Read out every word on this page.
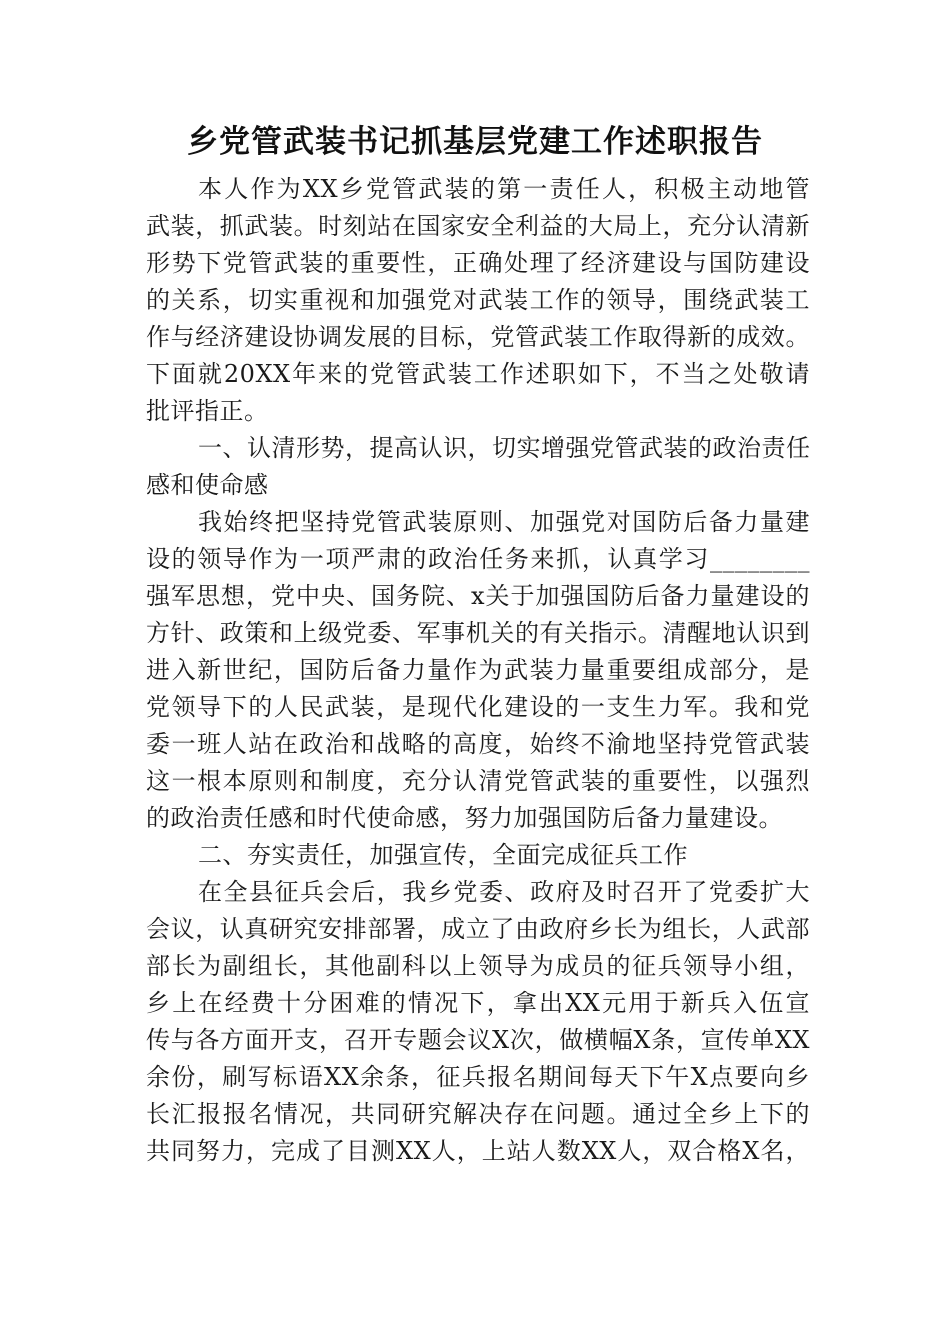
乡党管武装书记抓基层党建工作述职报告
本人作为XX乡党管武装的第一责任人，积极主动地管
武装，抓武装。时刻站在国家安全利益的大局上，充分认清新
形势下党管武装的重要性，正确处理了经济建设与国防建设
的关系，切实重视和加强党对武装工作的领导，围绕武装工
作与经济建设协调发展的目标，党管武装工作取得新的成效。
下面就20XX年来的党管武装工作述职如下，不当之处敬请
批评指正。
一、认清形势，提高认识，切实增强党管武装的政治责任
感和使命感
我始终把坚持党管武装原则、加强党对国防后备力量建
设的领导作为一项严肃的政治任务来抓，认真学习________
强军思想，党中央、国务院、x关于加强国防后备力量建设的
方针、政策和上级党委、军事机关的有关指示。清醒地认识到
进入新世纪，国防后备力量作为武装力量重要组成部分，是
党领导下的人民武装，是现代化建设的一支生力军。我和党
委一班人站在政治和战略的高度，始终不渝地坚持党管武装
这一根本原则和制度，充分认清党管武装的重要性，以强烈
的政治责任感和时代使命感，努力加强国防后备力量建设。
二、夯实责任，加强宣传，全面完成征兵工作
在全县征兵会后，我乡党委、政府及时召开了党委扩大
会议，认真研究安排部署，成立了由政府乡长为组长，人武部
部长为副组长，其他副科以上领导为成员的征兵领导小组，
乡上在经费十分困难的情况下，拿出XX元用于新兵入伍宣
传与各方面开支，召开专题会议X次，做横幅X条，宣传单XX
余份，刷写标语XX余条，征兵报名期间每天下午X点要向乡
长汇报报名情况，共同研究解决存在问题。通过全乡上下的
共同努力，完成了目测XX人，上站人数XX人，双合格X名，
